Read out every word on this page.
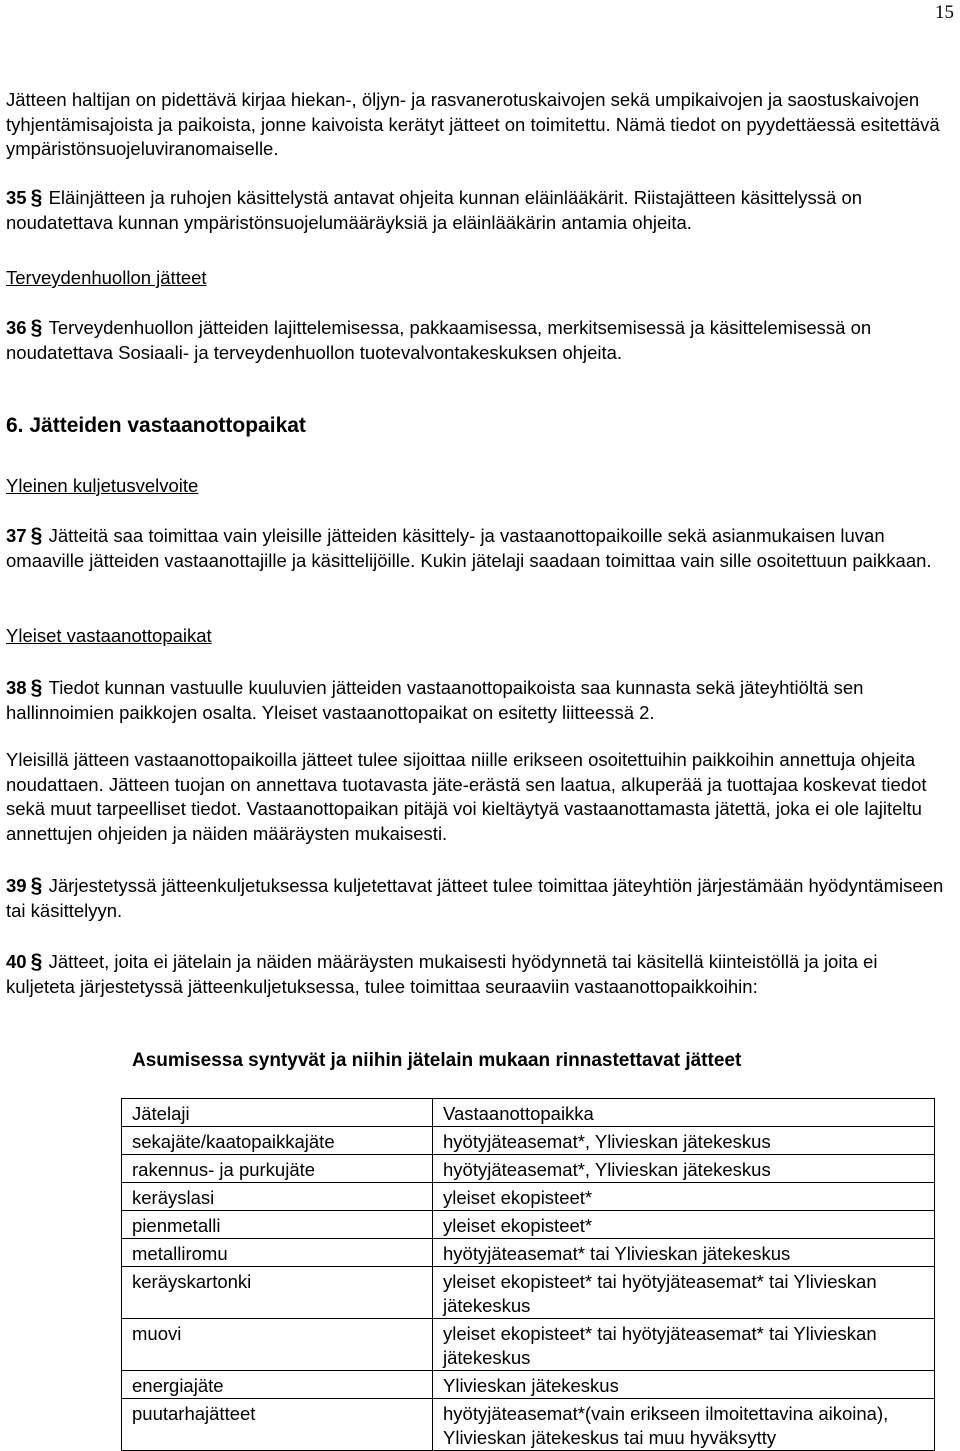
15

Jätteen haltijan on pidettävä kirjaa hiekan-, öljyn- ja rasvanerotuskaivojen sekä umpikaivojen ja saostuskaivojen tyhjentämisajoista ja paikoista, jonne kaivoista kerätyt jätteet on toimitettu. Nämä tiedot on pyydettäessä esitettävä ympäristönsuojeluviranomaiselle.

35 § Eläinjätteen ja ruhojen käsittelystä antavat ohjeita kunnan eläinlääkärit. Riistajätteen käsittelyssä on noudatettava kunnan ympäristönsuojelumääräyksiä ja eläinlääkärin antamia ohjeita.

Terveydenhuollon jätteet

36 § Terveydenhuollon jätteiden lajittelemisessa, pakkaamisessa, merkitsemisessä ja käsittelemisessä on noudatettava Sosiaali- ja terveydenhuollon tuotevalvontakeskuksen ohjeita.

6. Jätteiden vastaanottopaikat

Yleinen kuljetusvelvoite

37 § Jätteitä saa toimittaa vain yleisille jätteiden käsittely- ja vastaanottopaikoille sekä asianmukaisen luvan omaaville jätteiden vastaanottajille ja käsittelijöille. Kukin jätelaji saadaan toimittaa vain sille osoitettuun paikkaan.

Yleiset vastaanottopaikat

38 § Tiedot kunnan vastuulle kuuluvien jätteiden vastaanottopaikoista saa kunnasta sekä jäteyhtiöltä sen hallinnoimien paikkojen osalta. Yleiset vastaanottopaikat on esitetty liitteessä 2.

Yleisillä jätteen vastaanottopaikoilla jätteet tulee sijoittaa niille erikseen osoitettuihin paikkoihin annettuja ohjeita noudattaen. Jätteen tuojan on annettava tuotavasta jäte-erästä sen laatua, alkuperää ja tuottajaa koskevat tiedot sekä muut tarpeelliset tiedot. Vastaanottopaikan pitäjä voi kieltäytyä vastaanottamasta jätettä, joka ei ole lajiteltu annettujen ohjeiden ja näiden määräysten mukaisesti.

39 § Järjestetyssä jätteenkuljetuksessa kuljetettavat jätteet tulee toimittaa jäteyhtiön järjestämään hyödyntämiseen tai käsittelyyn.

40 § Jätteet, joita ei jätelain ja näiden määräysten mukaisesti hyödynnetä tai käsitellä kiinteistöllä ja joita ei kuljeteta järjestetyssä jätteenkuljetuksessa, tulee toimittaa seuraaviin vastaanottopaikkoihin:

Asumisessa syntyvät ja niihin jätelain mukaan rinnastettavat jätteet
Jätelaji	Vastaanottopaikka
sekajäte/kaatopaikkajäte	hyötyjäteasemat*, Ylivieskan jätekeskus
rakennus- ja purkujäte	hyötyjäteasemat*, Ylivieskan jätekeskus
keräyslasi	yleiset ekopisteet*
pienmetalli	yleiset ekopisteet*
metalliromu	hyötyjäteasemat* tai Ylivieskan jätekeskus
keräyskartonki	yleiset ekopisteet* tai hyötyjäteasemat* tai Ylivieskan jätekeskus
muovi	yleiset ekopisteet* tai hyötyjäteasemat* tai Ylivieskan jätekeskus
energiajäte	Ylivieskan jätekeskus
puutarhajätteet	hyötyjäteasemat*(vain erikseen ilmoitettavina aikoina), Ylivieskan jätekeskus tai muu hyväksytty
